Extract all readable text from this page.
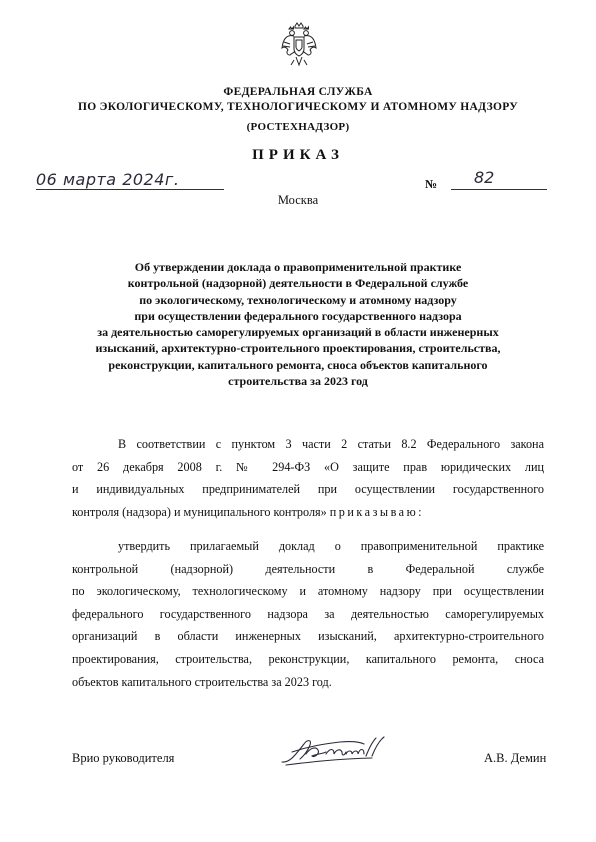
ФЕДЕРАЛЬНАЯ СЛУЖБА
ПО ЭКОЛОГИЧЕСКОМУ, ТЕХНОЛОГИЧЕСКОМУ И АТОМНОМУ НАДЗОРУ
(РОСТЕХНАДЗОР)
ПРИКАЗ
06 марта 2024г.	№ 82
Москва
Об утверждении доклада о правоприменительной практике
контрольной (надзорной) деятельности в Федеральной службе
по экологическому, технологическому и атомному надзору
при осуществлении федерального государственного надзора
за деятельностью саморегулируемых организаций в области инженерных
изысканий, архитектурно-строительного проектирования, строительства,
реконструкции, капитального ремонта, сноса объектов капитального
строительства за 2023 год
В соответствии с пунктом 3 части 2 статьи 8.2 Федерального закона
от 26 декабря 2008 г. № 294-ФЗ «О защите прав юридических лиц
и индивидуальных предпринимателей при осуществлении государственного
контроля (надзора) и муниципального контроля» приказываю:
утвердить прилагаемый доклад о правоприменительной практике
контрольной (надзорной) деятельности в Федеральной службе
по экологическому, технологическому и атомному надзору при осуществлении
федерального государственного надзора за деятельностью саморегулируемых
организаций в области инженерных изысканий, архитектурно-строительного
проектирования, строительства, реконструкции, капитального ремонта, сноса
объектов капитального строительства за 2023 год.
Врио руководителя	А.В. Демин
